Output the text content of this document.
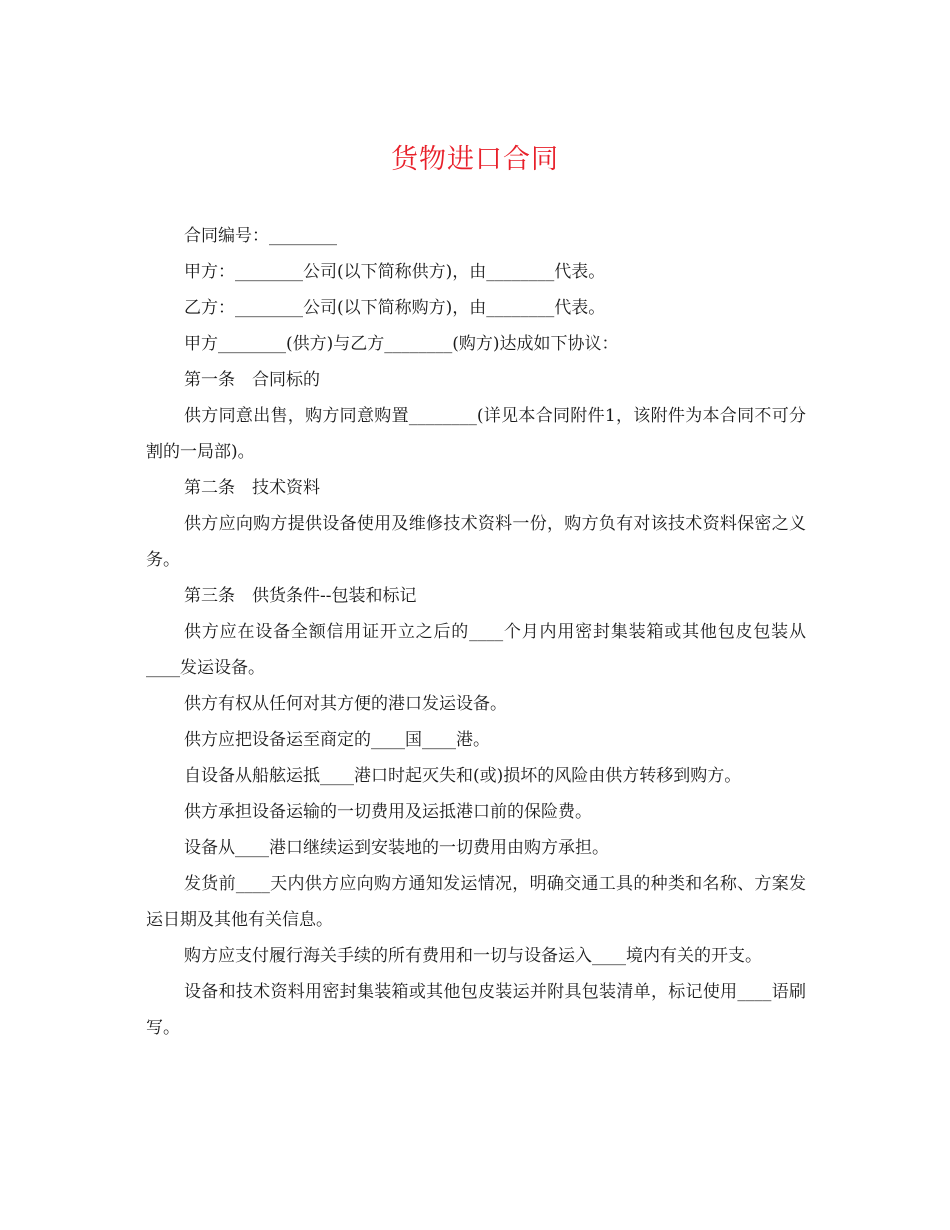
货物进口合同

合同编号：________

甲方：________公司(以下简称供方)，由________代表。

乙方：________公司(以下简称购方)，由________代表。

甲方________(供方)与乙方________(购方)达成如下协议：

第一条　合同标的

供方同意出售，购方同意购置________(详见本合同附件1，该附件为本合同不可分割的一局部)。

第二条　技术资料

供方应向购方提供设备使用及维修技术资料一份，购方负有对该技术资料保密之义务。

第三条　供货条件--包装和标记

供方应在设备全额信用证开立之后的____个月内用密封集装箱或其他包皮包装从____发运设备。

供方有权从任何对其方便的港口发运设备。

供方应把设备运至商定的____国____港。

自设备从船舷运抵____港口时起灭失和(或)损坏的风险由供方转移到购方。

供方承担设备运输的一切费用及运抵港口前的保险费。

设备从____港口继续运到安装地的一切费用由购方承担。

发货前____天内供方应向购方通知发运情况，明确交通工具的种类和名称、方案发运日期及其他有关信息。

购方应支付履行海关手续的所有费用和一切与设备运入____境内有关的开支。

设备和技术资料用密封集装箱或其他包皮装运并附具包装清单，标记使用____语刷写。
